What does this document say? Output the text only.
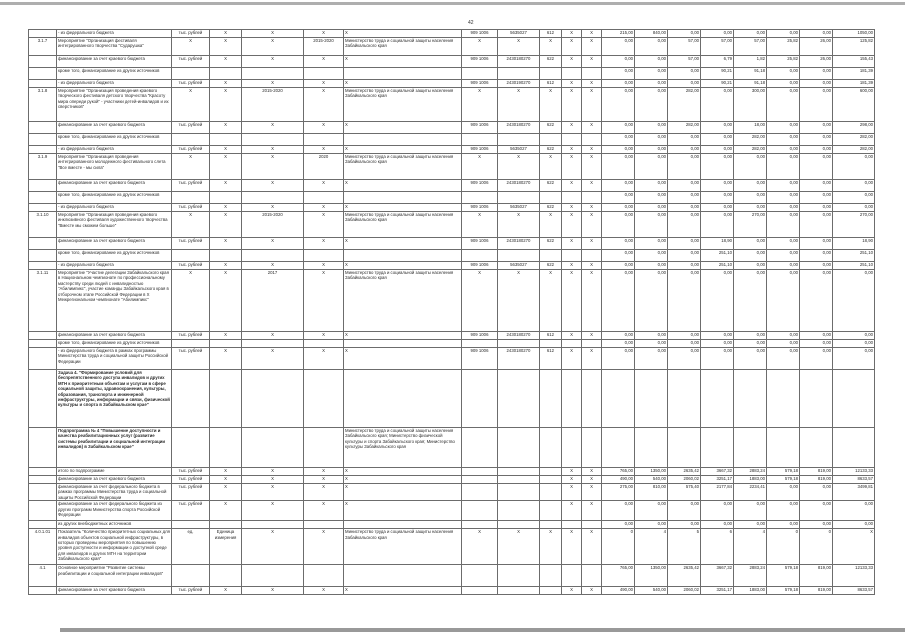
42
	- из федерального бюджета	тыс. рублей	X	X	X	X	909 1006	5635027	612	X	X	215,00	840,00	0,00	0,00	0,00	0,00	0,00	1050,00
3.1.7	Мероприятие "Организация фестиваля интегрированного творчества "Сударушка"	X	X	X	2015-2020	Министерство труда и социальной защиты населения Забайкальского края	X	X	X	X	X	0,00	0,00	57,00	57,00	57,00	25,82	26,00	125,82
	финансирование за счет краевого бюджета	тыс. рублей	X	X	X	X	909 1006	2430180270	622	X	X	0,00	0,00	57,00	6,79	1,82	25,82	26,00	155,43
	кроме того, финансирование из других источников											0,00	0,00	0,00	90,21	91,18	0,00	0,00	181,39
	- из федерального бюджета	тыс. рублей	X	X	X	X	909 1006	2430190270	612	X	X	0,00	0,00	0,00	90,21	91,18	0,00	0,00	181,39
3.1.8	Мероприятие "Организация проведения краевого творческого фестиваля детского творчества "Красоту мира опереди рукой" - участники детей-инвалидов и их сверстников"	X	X	2015-2020	X	Министерство труда и социальной защиты населения Забайкальского края	X	X	X	X	X	0,00	0,00	282,00	0,00	300,00	0,00	0,00	600,00
	финансирование за счет краевого бюджета	тыс. рублей	X	X	X	X	909 1006	2430180270	622	X	X	0,00	0,00	282,00	0,00	18,00	0,00	0,00	298,00
	кроме того, финансирование из других источников											0,00	0,00	0,00	0,00	282,00	0,00	0,00	282,00
	- из федерального бюджета	тыс. рублей	X	X	X	X	909 1006	5635027	622	X	X	0,00	0,00	0,00	0,00	282,00	0,00	0,00	282,00
3.1.9	Мероприятие "Организация проведения интегрированного молодежного фестивального слета "Все вместе - мы сила"	X	X	X	2020	Министерство труда и социальной защиты населения Забайкальского края	X	X	X	X	X	0,00	0,00	0,00	0,00	0,00	0,00	0,00	0,00
	финансирование за счет краевого бюджета	тыс. рублей	X	X	X	X	909 1006	2430180270	622	X	X	0,00	0,00	0,00	0,00	0,00	0,00	0,00	0,00
	кроме того, финансирование из других источников											0,00	0,00	0,00	0,00	0,00	0,00	0,00	0,00
	- из федерального бюджета	тыс. рублей	X	X	X	X	909 1006	5635027	622	X	X	0,00	0,00	0,00	0,00	0,00	0,00	0,00	0,00
3.1.10	Мероприятие "Организация проведения краевого инклюзивного фестиваля художественного творчества "Вместе мы сможем больше"	X	X	2015-2020	X	Министерство труда и социальной защиты населения Забайкальского края	X	X	X	X	X	0,00	0,00	0,00	0,00	270,00	0,00	0,00	270,00
	финансирование за счет краевого бюджета	тыс. рублей	X	X	X	X	909 1006	2430180270	622	X	X	0,00	0,00	0,00	18,90	0,00	0,00	0,00	18,90
	кроме того, финансирование из других источников											0,00	0,00	0,00	251,10	0,00	0,00	0,00	251,10
	- из федерального бюджета	тыс. рублей	X	X	X	X	909 1006	5635027	622	X	X	0,00	0,00	0,00	251,10	0,00	0,00	0,00	251,10
3.1.11	Мероприятие "Участие делегации Забайкальского края в Национальном чемпионате по профессиональному мастерству среди людей с инвалидностью "Абилимпикс", участие команды Забайкальского края в отборочном этапе Российской Федерации в Х Межрегиональном чемпионате "Абилимпикс"	X	X	2017	X	Министерство труда и социальной защиты населения Забайкальского края	X	X	X	X	X	0,00	0,00	0,00	0,00	0,00	0,00	0,00	0,00
	финансирование за счет краевого бюджета	тыс. рублей	X	X	X	X	909 1006	2430180270	612	X	X	0,00	0,00	0,00	0,00	0,00	0,00	0,00	0,00
	кроме того, финансирование из других источников											0,00	0,00	0,00	0,00	0,00	0,00	0,00	0,00
	- из федерального бюджета в рамках программы Министерства труда и социальной защиты Российской Федерации	тыс. рублей	X	X	X	X	909 1006	2430180270	612	X	X	0,00	0,00	0,00	0,00	0,00	0,00	0,00	0,00
	Задача 4. "Формирование условий для беспрепятственного доступа инвалидов и других МГН к приоритетным объектам и услугам в сфере социальной защиты, здравоохранения, культуры, образования, транспорта и инженерной инфраструктуры, информации и связи, физической культуры и спорта в Забайкальском крае"																		
	Подпрограмма № 4 "Повышение доступности и качества реабилитационных услуг (развитие системы реабилитации и социальной интеграции инвалидов) в Забайкальском крае"					Министерство труда и социальной защиты населения Забайкальского края; Министерство физической культуры и спорта Забайкальского края; Министерство культуры Забайкальского края													
	итого по подпрограмме	тыс. рублей	X	X	X	X				X	X	765,00	1350,00	2635,42	3667,32	2883,24	579,18	819,00	12133,33
	финансирование за счет краевого бюджета	тыс. рублей	X	X	X	X				X	X	490,00	540,00	2060,02	3251,17	1883,00	579,18	819,00	8633,57
	финансирование за счет федерального бюджета в рамках программы Министерства труда и социальной защиты Российской Федерации	тыс. рублей	X	X	X	X				X	X	275,00	810,00	575,40	2177,84	2234,41	0,00	0,00	3499,81
	финансирование за счет федерального бюджета из других программ Министерства спорта Российской Федерации	тыс. рублей	X	X	X	X				X	X	0,00	0,00	0,00	0,00	0,00	0,00	0,00	0,00
	из других внебюджетных источников											0,00	0,00	0,00	0,00	0,00	0,00	0,00	0,00
4.0.1.01	Показатель "Количество приоритетных социальных для инвалидов объектов социальной инфраструктуры, в которых проведены мероприятия по повышению уровня доступности и информации о доступной среде для инвалидов и других МГН на территории Забайкальского края"	ед.	Единица измерения	X	X	Министерство труда и социальной защиты населения Забайкальского края	X	X	X	X	X	0	4	5	6	4	0	0	X
4.1	Основное мероприятие "Развитие системы реабилитации и социальной интеграции инвалидов"											765,00	1350,00	2635,42	3667,32	2883,24	579,18	819,00	12133,33
	финансирование за счет краевого бюджета	тыс. рублей	X	X	X	X				X	X	490,00	540,00	2060,02	3251,17	1883,00	579,18	819,00	8633,57
